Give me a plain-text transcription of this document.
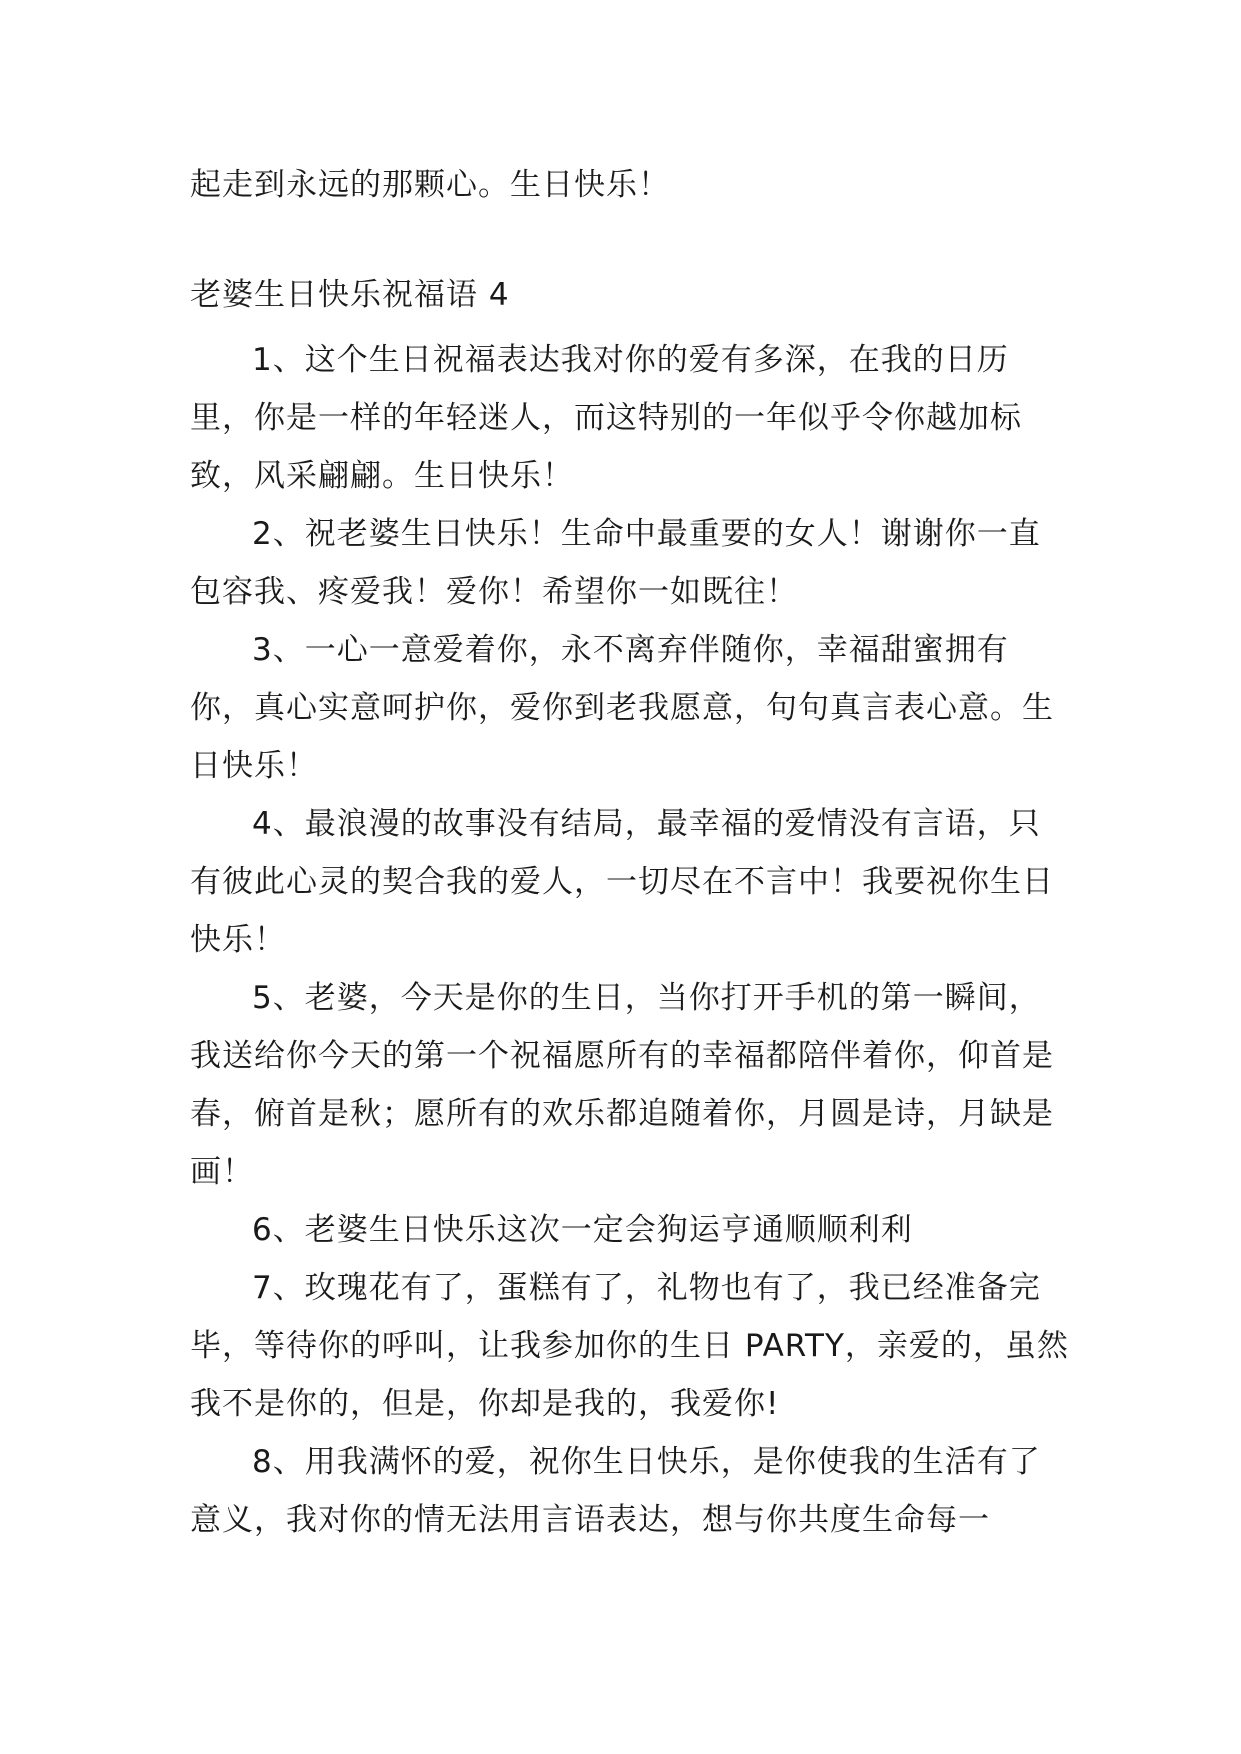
起走到永远的那颗心。生日快乐！

老婆生日快乐祝福语 4
1、这个生日祝福表达我对你的爱有多深，在我的日历里，你是一样的年轻迷人，而这特别的一年似乎令你越加标致，风采翩翩。生日快乐！
2、祝老婆生日快乐！生命中最重要的女人！谢谢你一直包容我、疼爱我！爱你！希望你一如既往！
3、一心一意爱着你，永不离弃伴随你，幸福甜蜜拥有你，真心实意呵护你，爱你到老我愿意，句句真言表心意。生日快乐！
4、最浪漫的故事没有结局，最幸福的爱情没有言语，只有彼此心灵的契合我的爱人，一切尽在不言中！我要祝你生日快乐！
5、老婆，今天是你的生日，当你打开手机的第一瞬间，我送给你今天的第一个祝福愿所有的幸福都陪伴着你，仰首是春，俯首是秋；愿所有的欢乐都追随着你，月圆是诗，月缺是画！
6、老婆生日快乐这次一定会狗运亨通顺顺利利
7、玫瑰花有了，蛋糕有了，礼物也有了，我已经准备完毕，等待你的呼叫，让我参加你的生日 PARTY，亲爱的，虽然我不是你的，但是，你却是我的，我爱你!
8、用我满怀的爱，祝你生日快乐，是你使我的生活有了意义，我对你的情无法用言语表达，想与你共度生命每一
